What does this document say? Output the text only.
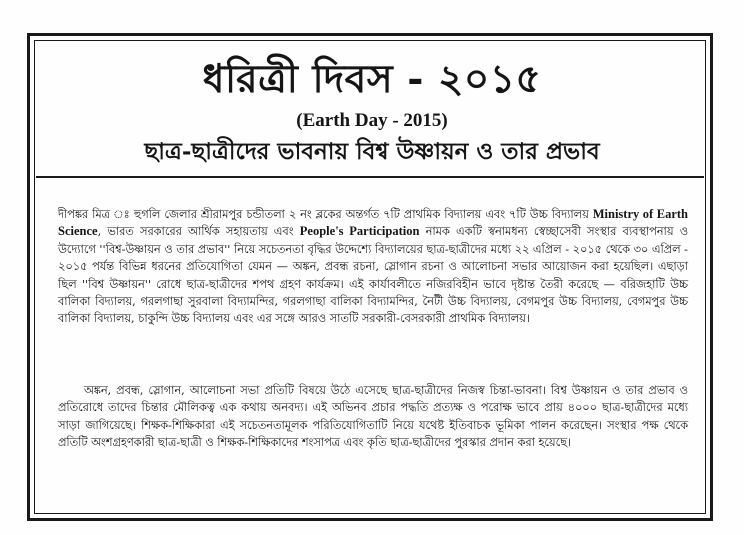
ধরিত্রী দিবস - ২০১৫
(Earth Day - 2015)
ছাত্র-ছাত্রীদের ভাবনায় বিশ্ব উষ্ণায়ন ও তার প্রভাব
দীপঙ্কর মিত্র ঃ হুগলি জেলার শ্রীরামপুর চন্ডীতলা ২ নং ব্লকের অন্তর্গত ৭টি প্রাথমিক বিদ্যালয় এবং ৭টি উচ্চ বিদ্যালয় Ministry of Earth Science, ভারত সরকারের আর্থিক সহায়তায় এবং People's Participation নামক একটি স্বনামধন্য স্বেচ্ছাসেবী সংস্থার ব্যবস্থাপনায় ও উদ্যোগে ''বিশ্ব-উষ্ণায়ন ও তার প্রভাব'' নিয়ে সচেতনতা বৃদ্ধির উদ্দেশ্যে বিদ্যালয়ের ছাত্র-ছাত্রীদের মধ্যে ২২ এপ্রিল - ২০১৫ থেকে ৩০ এপ্রিল - ২০১৫ পর্যন্ত বিভিন্ন ধরনের প্রতিযোগিতা যেমন — অঙ্কন, প্রবন্ধ রচনা, স্লোগান রচনা ও আলোচনা সভার আয়োজন করা হয়েছিল। এছাড়া ছিল ''বিশ্ব উষ্ণায়ন'' রোধে ছাত্র-ছাত্রীদের শপথ গ্রহণ কার্যক্রম। এই কার্যাবলীতে নজিরবিহীন ভাবে দৃষ্টান্ত তৈরী করেছে — বরিজহাটি উচ্চ বালিকা বিদ্যালয়, গরলগাছা সুরবালা বিদ্যামন্দির, গরলগাছা বালিকা বিদ্যামন্দির, নৈটী উচ্চ বিদ্যালয়, বেগমপুর উচ্চ বিদ্যালয়, বেগমপুর উচ্চ বালিকা বিদ্যালয়, চাকুন্দি উচ্চ বিদ্যালয় এবং এর সঙ্গে আরও সাতটি সরকারী-বেসরকারী প্রাথমিক বিদ্যালয়।
অঙ্কন, প্রবন্ধ, স্লোগান, আলোচনা সভা প্রতিটি বিষয়ে উঠে এসেছে ছাত্র-ছাত্রীদের নিজস্ব চিন্তা-ভাবনা। বিশ্ব উষ্ণায়ন ও তার প্রভাব ও প্রতিরোধে তাদের চিন্তার মৌলিকত্ব এক কথায় অনবদ্য। এই অভিনব প্রচার পদ্ধতি প্রত্যক্ষ ও পরোক্ষ ভাবে প্রায় ৪০০০ ছাত্র-ছাত্রীদের মধ্যে সাড়া জাগিয়েছে। শিক্ষক-শিক্ষিকারা এই সচেতনতামূলক পরিতিযোগিতাটি নিয়ে যথেষ্ট ইতিবাচক ভূমিকা পালন করেছেন। সংস্থার পক্ষ থেকে প্রতিটি অংশগ্রহণকারী ছাত্র-ছাত্রী ও শিক্ষক-শিক্ষিকাদের শংসাপত্র এবং কৃতি ছাত্র-ছাত্রীদের পুরস্কার প্রদান করা হয়েছে।
